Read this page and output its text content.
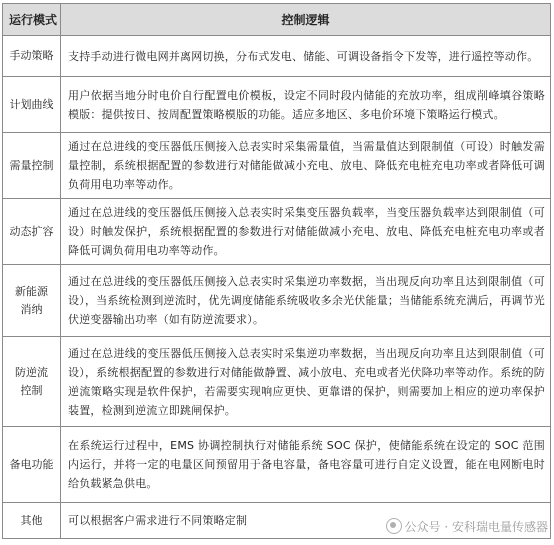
运行模式	控制逻辑
手动策略	支持手动进行微电网并离网切换，分布式发电、储能、可调设备指令下发等，进行遥控等动作。
计划曲线	用户依据当地分时电价自行配置电价模板，设定不同时段内储能的充放功率，组成削峰填谷策略模版：提供按日、按周配置策略模版的功能。适应多地区、多电价环境下策略运行模式。
需量控制	通过在总进线的变压器低压侧接入总表实时采集需量值，当需量值达到限制值（可设）时触发需量控制，系统根据配置的参数进行对储能做减小充电、放电、降低充电桩充电功率或者降低可调负荷用电功率等动作。
动态扩容	通过在总进线的变压器低压侧接入总表实时采集变压器负载率，当变压器负载率达到限制值（可设）时触发保护，系统根据配置的参数进行对储能做减小充电、放电、降低充电桩充电功率或者降低可调负荷用电功率等动作。
新能源消纳	通过在总进线的变压器低压侧接入总表实时采集逆功率数据，当出现反向功率且达到限制值（可设），当系统检测到逆流时，优先调度储能系统吸收多余光伏能量；当储能系统充满后，再调节光伏逆变器输出功率（如有防逆流要求）。
防逆流控制	通过在总进线的变压器低压侧接入总表实时采集逆功率数据，当出现反向功率且达到限制值（可设），系统根据配置的参数进行对储能做静置、减小放电、充电或者光伏降功率等动作。系统的防逆流策略实现是软件保护，若需要实现响应更快、更靠谱的保护，则需要加上相应的逆功率保护装置，检测到逆流立即跳闸保护。
备电功能	在系统运行过程中，EMS 协调控制执行对储能系统 SOC 保护，使储能系统在设定的 SOC 范围内运行，并将一定的电量区间预留用于备电容量，备电容量可进行自定义设置，能在电网断电时给负载紧急供电。
其他	可以根据客户需求进行不同策略定制	公众号 · 安科瑞电量传感器
